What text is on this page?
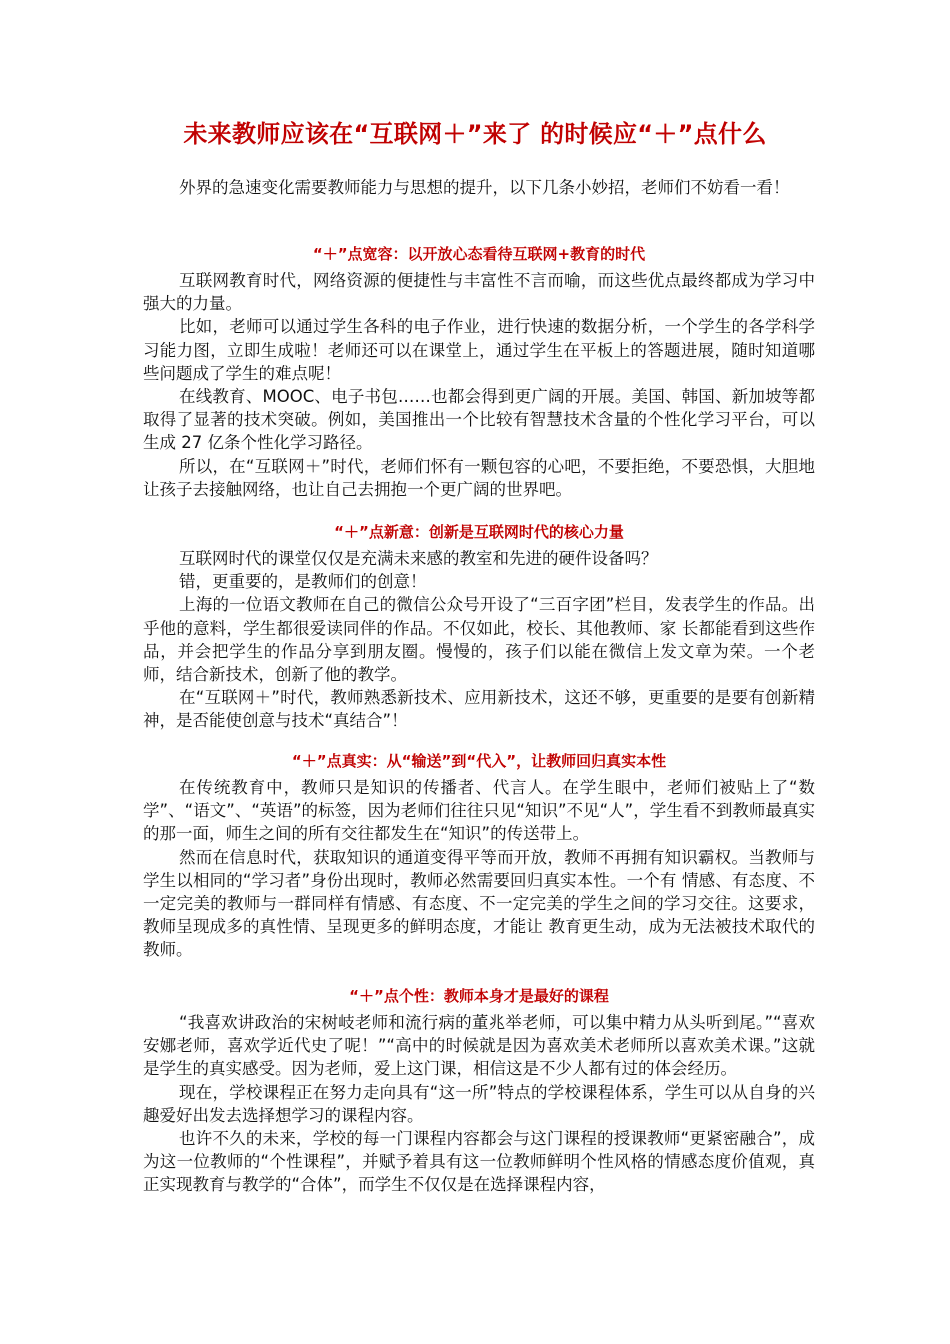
未来教师应该在“互联网＋”来了 的时候应“＋”点什么

外界的急速变化需要教师能力与思想的提升，以下几条小妙招，老师们不妨看一看！

“＋”点宽容：以开放心态看待互联网+教育的时代

互联网教育时代，网络资源的便捷性与丰富性不言而喻，而这些优点最终都成为学习中强大的力量。

比如，老师可以通过学生各科的电子作业，进行快速的数据分析，一个学生的各学科学习能力图，立即生成啦！老师还可以在课堂上，通过学生在平板上的答题进展，随时知道哪些问题成了学生的难点呢！

在线教育、MOOC、电子书包……也都会得到更广阔的开展。美国、韩国、新加坡等都取得了显著的技术突破。例如，美国推出一个比较有智慧技术含量的个性化学习平台，可以生成 27 亿条个性化学习路径。

所以，在“互联网＋”时代，老师们怀有一颗包容的心吧，不要拒绝，不要恐惧，大胆地让孩子去接触网络，也让自己去拥抱一个更广阔的世界吧。

“＋”点新意：创新是互联网时代的核心力量

互联网时代的课堂仅仅是充满未来感的教室和先进的硬件设备吗？

错，更重要的，是教师们的创意！

上海的一位语文教师在自己的微信公众号开设了“三百字团”栏目，发表学生的作品。出乎他的意料，学生都很爱读同伴的作品。不仅如此，校长、其他教师、家 长都能看到这些作品，并会把学生的作品分享到朋友圈。慢慢的，孩子们以能在微信上发文章为荣。一个老师，结合新技术，创新了他的教学。

在“互联网＋”时代，教师熟悉新技术、应用新技术，这还不够，更重要的是要有创新精神，是否能使创意与技术“真结合”！

“＋”点真实：从“输送”到“代入”，让教师回归真实本性

在传统教育中，教师只是知识的传播者、代言人。在学生眼中，老师们被贴上了“数学”、“语文”、“英语”的标签，因为老师们往往只见“知识”不见“人”，学生看不到教师最真实的那一面，师生之间的所有交往都发生在“知识”的传送带上。

然而在信息时代，获取知识的通道变得平等而开放，教师不再拥有知识霸权。当教师与学生以相同的“学习者”身份出现时，教师必然需要回归真实本性。一个有 情感、有态度、不一定完美的教师与一群同样有情感、有态度、不一定完美的学生之间的学习交往。这要求，教师呈现成多的真性情、呈现更多的鲜明态度，才能让 教育更生动，成为无法被技术取代的教师。

“＋”点个性：教师本身才是最好的课程

“我喜欢讲政治的宋树岐老师和流行病的董兆举老师，可以集中精力从头听到尾。”“喜欢安娜老师，喜欢学近代史了呢！”“高中的时候就是因为喜欢美术老师所以喜欢美术课。”这就是学生的真实感受。因为老师，爱上这门课，相信这是不少人都有过的体会经历。

现在，学校课程正在努力走向具有“这一所”特点的学校课程体系，学生可以从自身的兴趣爱好出发去选择想学习的课程内容。

也许不久的未来，学校的每一门课程内容都会与这门课程的授课教师“更紧密融合”，成为这一位教师的“个性课程”，并赋予着具有这一位教师鲜明个性风格的情感态度价值观，真正实现教育与教学的“合体”，而学生不仅仅是在选择课程内容，
